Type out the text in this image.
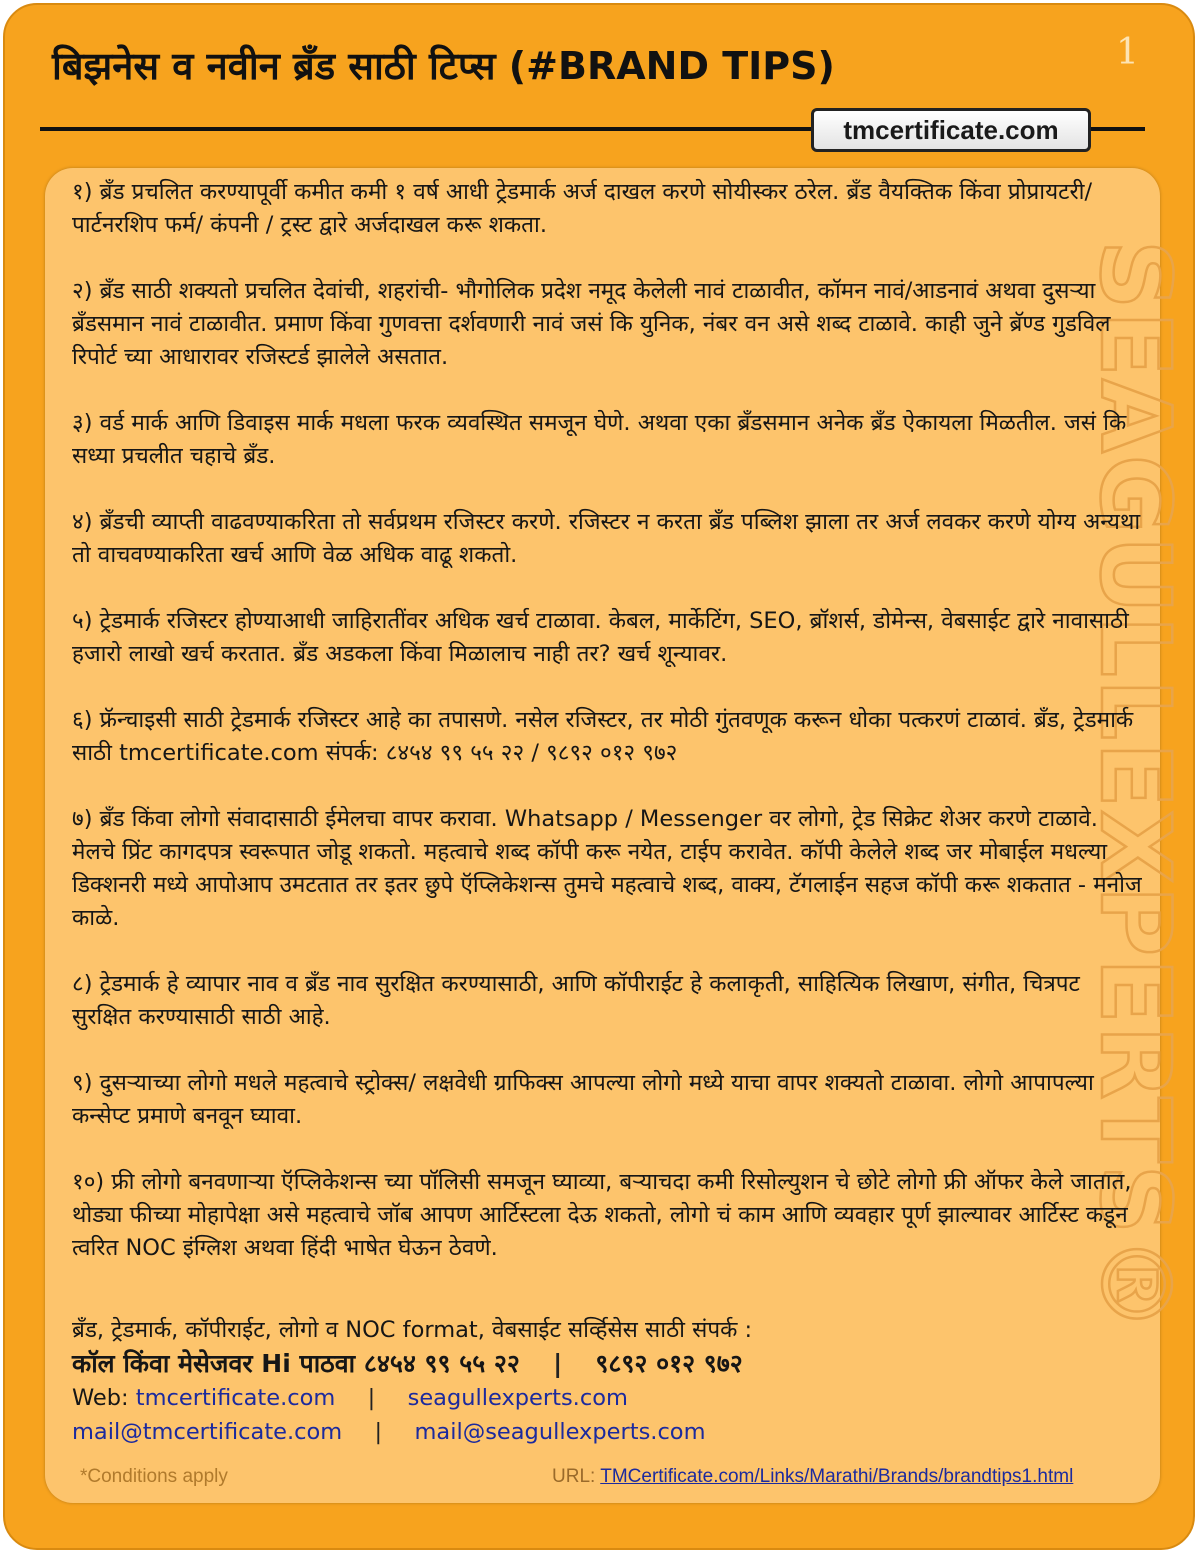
बिझनेस व नवीन ब्रँड साठी टिप्स (#BRAND TIPS)	1
tmcertificate.com
SEAGULLEXPERTS®

१) ब्रँड प्रचलित करण्यापूर्वी कमीत कमी १ वर्ष आधी ट्रेडमार्क अर्ज दाखल करणे सोयीस्कर ठरेल. ब्रँड वैयक्तिक किंवा प्रोप्रायटरी/ पार्टनरशिप फर्म/ कंपनी / ट्रस्ट द्वारे अर्जदाखल करू शकता.

२) ब्रँड साठी शक्यतो प्रचलित देवांची, शहरांची- भौगोलिक प्रदेश नमूद केलेली नावं टाळावीत, कॉमन नावं/आडनावं अथवा दुसऱ्या ब्रँडसमान नावं टाळावीत. प्रमाण किंवा गुणवत्ता दर्शवणारी नावं जसं कि युनिक, नंबर वन असे शब्द टाळावे. काही जुने ब्रॅण्ड गुडविल रिपोर्ट च्या आधारावर रजिस्टर्ड झालेले असतात.

३) वर्ड मार्क आणि डिवाइस मार्क मधला फरक व्यवस्थित समजून घेणे. अथवा एका ब्रँडसमान अनेक ब्रँड ऐकायला मिळतील. जसं कि सध्या प्रचलीत चहाचे ब्रँड.

४) ब्रँडची व्याप्ती वाढवण्याकरिता तो सर्वप्रथम रजिस्टर करणे. रजिस्टर न करता ब्रँड पब्लिश झाला तर अर्ज लवकर करणे योग्य अन्यथा तो वाचवण्याकरिता खर्च आणि वेळ अधिक वाढू शकतो.

५) ट्रेडमार्क रजिस्टर होण्याआधी जाहिरातींवर अधिक खर्च टाळावा. केबल, मार्केटिंग, SEO, ब्रॉशर्स, डोमेन्स, वेबसाईट द्वारे नावासाठी हजारो लाखो खर्च करतात. ब्रँड अडकला किंवा मिळालाच नाही तर? खर्च शून्यावर.

६) फ्रॅन्चाइसी साठी ट्रेडमार्क रजिस्टर आहे का तपासणे. नसेल रजिस्टर, तर मोठी गुंतवणूक करून धोका पत्करणं टाळावं. ब्रँड, ट्रेडमार्क साठी tmcertificate.com संपर्क: ८४५४ ९९ ५५ २२ / ९८९२ ०१२ ९७२

७) ब्रँड किंवा लोगो संवादासाठी ईमेलचा वापर करावा. Whatsapp / Messenger वर लोगो, ट्रेड सिक्रेट शेअर करणे टाळावे. मेलचे प्रिंट कागदपत्र स्वरूपात जोडू शकतो. महत्वाचे शब्द कॉपी करू नयेत, टाईप करावेत. कॉपी केलेले शब्द जर मोबाईल मधल्या डिक्शनरी मध्ये आपोआप उमटतात तर इतर छुपे ऍप्लिकेशन्स तुमचे महत्वाचे शब्द, वाक्य, टॅगलाईन सहज कॉपी करू शकतात - मनोज काळे.

८) ट्रेडमार्क हे व्यापार नाव व ब्रँड नाव सुरक्षित करण्यासाठी, आणि कॉपीराईट हे कलाकृती, साहित्यिक लिखाण, संगीत, चित्रपट सुरक्षित करण्यासाठी साठी आहे.

९) दुसऱ्याच्या लोगो मधले महत्वाचे स्ट्रोक्स/ लक्षवेधी ग्राफिक्स आपल्या लोगो मध्ये याचा वापर शक्यतो टाळावा. लोगो आपापल्या कन्सेप्ट प्रमाणे बनवून घ्यावा.

१०) फ्री लोगो बनवणाऱ्या ऍप्लिकेशन्स च्या पॉलिसी समजून घ्याव्या, बऱ्याचदा कमी रिसोल्युशन चे छोटे लोगो फ्री ऑफर केले जातात, थोड्या फीच्या मोहापेक्षा असे महत्वाचे जॉब आपण आर्टिस्टला देऊ शकतो, लोगो चं काम आणि व्यवहार पूर्ण झाल्यावर आर्टिस्ट कडून त्वरित NOC इंग्लिश अथवा हिंदी भाषेत घेऊन ठेवणे.

ब्रँड, ट्रेडमार्क, कॉपीराईट, लोगो व NOC format, वेबसाईट सर्व्हिसेस साठी संपर्क :
कॉल किंवा मेसेजवर Hi पाठवा ८४५४ ९९ ५५ २२ | ९८९२ ०१२ ९७२
Web: tmcertificate.com | seagullexperts.com
mail@tmcertificate.com | mail@seagullexperts.com
*Conditions apply	URL: TMCertificate.com/Links/Marathi/Brands/brandtips1.html
